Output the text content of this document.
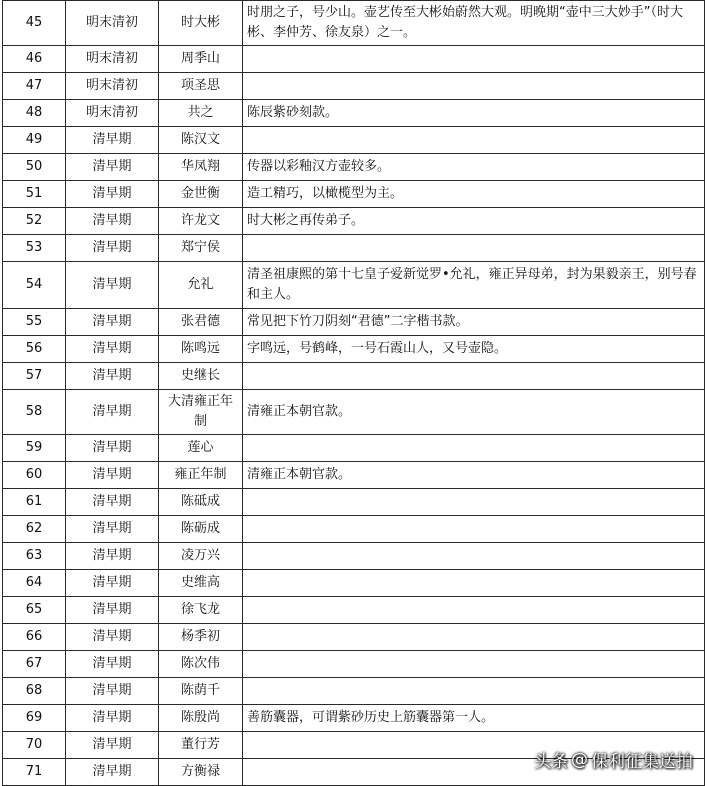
45	明末清初	时大彬	时朋之子，号少山。壶艺传至大彬始蔚然大观。明晚期“壶中三大妙手”（时大彬、李仲芳、徐友泉）之一。
46	明末清初	周季山	
47	明末清初	项圣思	
48	明末清初	共之	陈辰紫砂刻款。
49	清早期	陈汉文	
50	清早期	华凤翔	传器以彩釉汉方壶较多。
51	清早期	金世衡	造工精巧，以橄榄型为主。
52	清早期	许龙文	时大彬之再传弟子。
53	清早期	郑宁侯	
54	清早期	允礼	清圣祖康熙的第十七皇子爱新觉罗•允礼，雍正异母弟，封为果毅亲王，别号春和主人。
55	清早期	张君德	常见把下竹刀阴刻“君德”二字楷书款。
56	清早期	陈鸣远	字鸣远，号鹤峰，一号石霞山人，又号壶隐。
57	清早期	史继长	
58	清早期	大清雍正年制	清雍正本朝官款。
59	清早期	莲心	
60	清早期	雍正年制	清雍正本朝官款。
61	清早期	陈砥成	
62	清早期	陈砺成	
63	清早期	凌万兴	
64	清早期	史维高	
65	清早期	徐飞龙	
66	清早期	杨季初	
67	清早期	陈次伟	
68	清早期	陈荫千	
69	清早期	陈殷尚	善筋囊器，可谓紫砂历史上筋囊器第一人。
70	清早期	董行芳	
71	清早期	方衡禄		头条 @ 保利征集送拍
